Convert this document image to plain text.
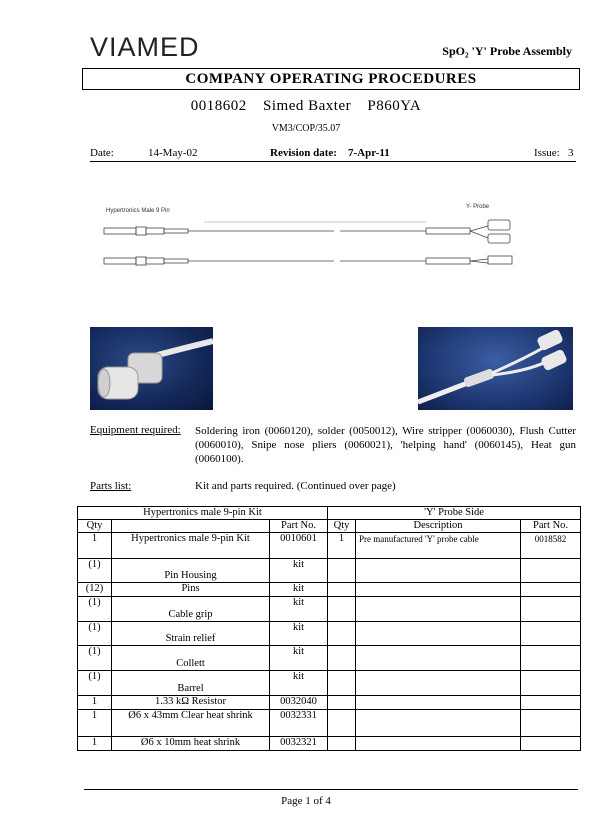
VIAMED	SpO₂ 'Y' Probe Assembly
COMPANY OPERATING PROCEDURES
0018602 Simed Baxter P860YA
VM3/COP/35.07
Date:	14-May-02	Revision date: 7-Apr-11	Issue: 3
Hypertronics Male 9 Pin
Y- Probe
Equipment required: Soldering iron (0060120), solder (0050012), Wire stripper (0060030), Flush Cutter (0060010), Snipe nose pliers (0060021), 'helping hand' (0060145), Heat gun (0060100).
Parts list:	Kit and parts required. (Continued over page)
Hypertronics male 9-pin Kit			'Y' Probe Side		
Qty		Part No.	Qty	Description	Part No.
1	Hypertronics male 9-pin Kit	0010601	1	Pre manufactured 'Y' probe cable	0018582
(1)	Pin Housing	kit			
(12)	Pins	kit			
(1)	Cable grip	kit			
(1)	Strain relief	kit			
(1)	Collett	kit			
(1)	Barrel	kit			
1	1.33 kΩ Resistor	0032040			
1	Ø6 x 43mm Clear heat shrink	0032331			
1	Ø6 x 10mm heat shrink	0032321			
Page 1 of 4
